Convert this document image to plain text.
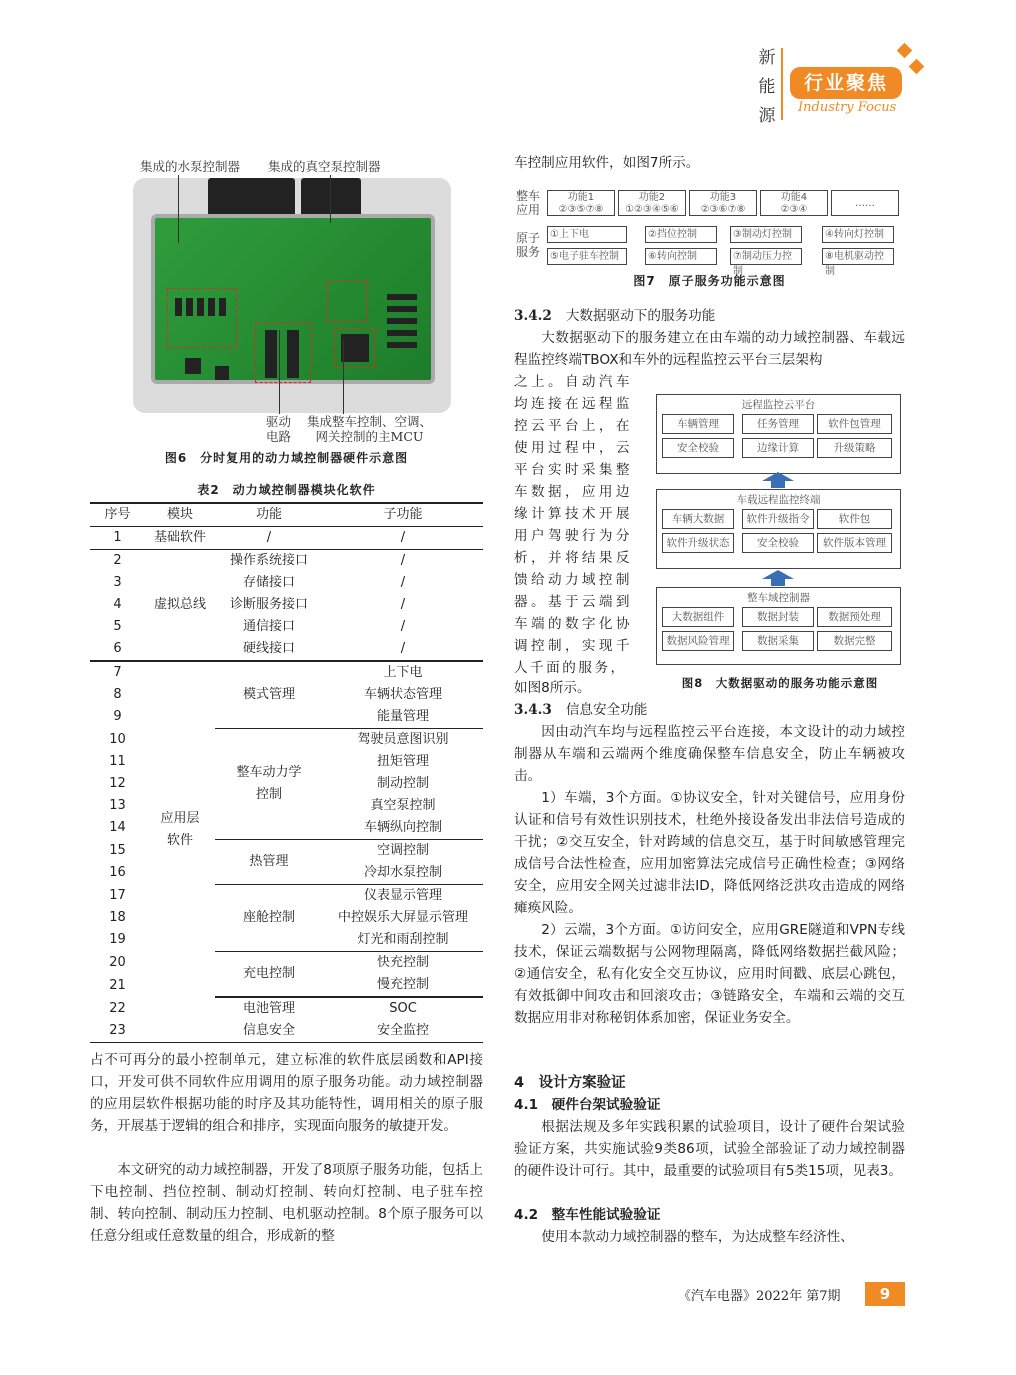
新
能
源
行业聚焦
Industry Focus
集成的水泵控制器 集成的真空泵控制器
驱动
电路
集成整车控制、空调、
网关控制的主MCU
图6　分时复用的动力域控制器硬件示意图
表2　动力域控制器模块化软件
序号	模块	功能	子功能
1	基础软件	/	/
2	虚拟总线	操作系统接口	/
3		存储接口	/
4		诊断服务接口	/
5		通信接口	/
6		硬线接口	/
7	应用层软件	模式管理	上下电
8			车辆状态管理
9			能量管理
10		整车动力学控制	驾驶员意图识别
11			扭矩管理
12			制动控制
13			真空泵控制
14			车辆纵向控制
15		热管理	空调控制
16			冷却水泵控制
17		座舱控制	仪表显示管理
18			中控娱乐大屏显示管理
19			灯光和雨刮控制
20		充电控制	快充控制
21			慢充控制
22		电池管理	SOC
23		信息安全	安全监控
占不可再分的最小控制单元，建立标准的软件底层函数和API接口，开发可供不同软件应用调用的原子服务功能。动力域控制器的应用层软件根据功能的时序及其功能特性，调用相关的原子服务，开展基于逻辑的组合和排序，实现面向服务的敏捷开发。
本文研究的动力域控制器，开发了8项原子服务功能，包括上下电控制、挡位控制、制动灯控制、转向灯控制、电子驻车控制、转向控制、制动压力控制、电机驱动控制。8个原子服务可以任意分组或任意数量的组合，形成新的整
车控制应用软件，如图7所示。
整车应用
原子服务
功能1
②③⑤⑦⑧
功能2
①②③④⑤⑥
功能3
②③⑥⑦⑧
功能4
②③④
……
①上下电	②挡位控制	③制动灯控制	④转向灯控制
⑤电子驻车控制	⑥转向控制	⑦制动压力控制
⑧电机驱动控制
图7　原子服务功能示意图
3.4.2 大数据驱动下的服务功能
大数据驱动下的服务建立在由车端的动力域控制器、车载远程监控终端TBOX和车外的远程监控云平台三层架构
之上。自动汽车均连接在远程监控云平台上，在使用过程中，云平台实时采集整车数据，应用边缘计算技术开展用户驾驶行为分析，并将结果反馈给动力域控制器。基于云端到车端的数字化协调控制，实现千人千面的服务，
如图8所示。
远程监控云平台
车辆管理	任务管理	软件包管理
安全校验	边缘计算	升级策略
车载远程监控终端
车辆大数据	软件升级指令	软件包
软件升级状态	安全校验	软件版本管理
整车域控制器
大数据组件	数据封装	数据预处理
数据风险管理	数据采集	数据完整
图8　大数据驱动的服务功能示意图
3.4.3 信息安全功能
因由动汽车均与远程监控云平台连接，本文设计的动力域控制器从车端和云端两个维度确保整车信息安全，防止车辆被攻击。
1）车端，3个方面。①协议安全，针对关键信号，应用身份认证和信号有效性识别技术，杜绝外接设备发出非法信号造成的干扰；②交互安全，针对跨域的信息交互，基于时间敏感管理完成信号合法性检查，应用加密算法完成信号正确性检查；③网络安全，应用安全网关过滤非法ID，降低网络泛洪攻击造成的网络瘫痪风险。
2）云端，3个方面。①访问安全，应用GRE隧道和VPN专线技术，保证云端数据与公网物理隔离，降低网络数据拦截风险；②通信安全，私有化安全交互协议，应用时间戳、底层心跳包，有效抵御中间攻击和回滚攻击；③链路安全，车端和云端的交互数据应用非对称秘钥体系加密，保证业务安全。
4　设计方案验证
4.1　硬件台架试验验证
根据法规及多年实践积累的试验项目，设计了硬件台架试验验证方案，共实施试验9类86项，试验全部验证了动力域控制器的硬件设计可行。其中，最重要的试验项目有5类15项，见表3。
4.2　整车性能试验验证
使用本款动力域控制器的整车，为达成整车经济性、
《汽车电器》2022年 第7期	9
